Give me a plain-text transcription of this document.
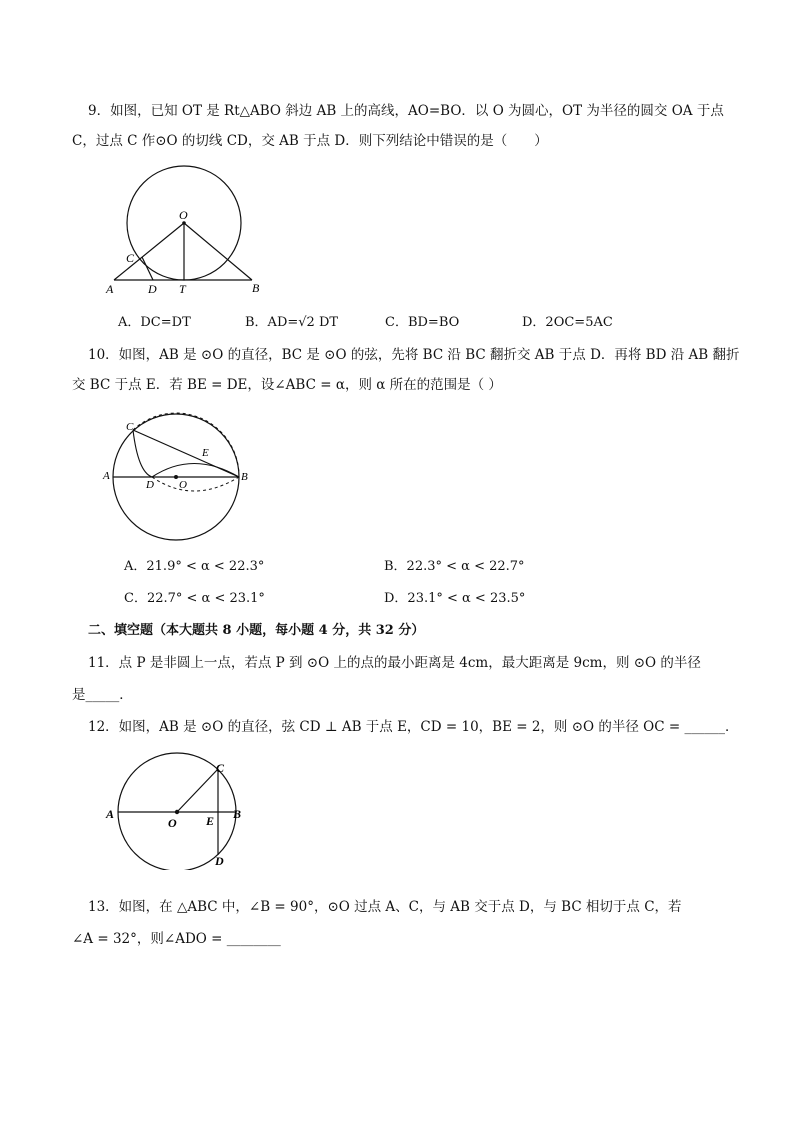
9．如图，已知 OT 是 Rt△ABO 斜边 AB 上的高线，AO=BO．以 O 为圆心，OT 为半径的圆交 OA 于点
C，过点 C 作⊙O 的切线 CD，交 AB 于点 D．则下列结论中错误的是（　　）
O
C
A	D T	B
A．DC=DT	B．AD=√2 DT	C．BD=BO	D．2OC=5AC
10．如图，AB 是 ⊙O 的直径，BC 是 ⊙O 的弦，先将 BC 沿 BC 翻折交 AB 于点 D．再将 BD 沿 AB 翻折
交 BC 于点 E．若 BE = DE，设∠ABC = α，则 α 所在的范围是（ ）
C
E
A
D O
B
A．21.9° < α < 22.3°	B．22.3° < α < 22.7°
C．22.7° < α < 23.1°	D．23.1° < α < 23.5°
二、填空题（本大题共 8 小题，每小题 4 分，共 32 分）
11．点 P 是非圆上一点，若点 P 到 ⊙O 上的点的最小距离是 4cm，最大距离是 9cm，则 ⊙O 的半径
是_____．
12．如图，AB 是 ⊙O 的直径，弦 CD ⊥ AB 于点 E，CD = 10，BE = 2，则 ⊙O 的半径 OC = ______．
A
O
C
E B
D
13．如图，在 △ABC 中，∠B = 90°，⊙O 过点 A、C，与 AB 交于点 D，与 BC 相切于点 C，若
∠A = 32°，则∠ADO = ________
